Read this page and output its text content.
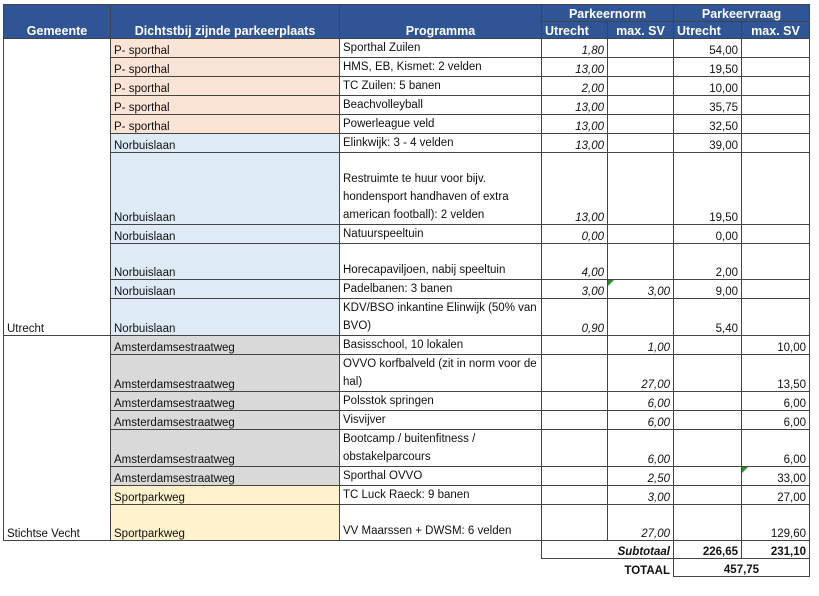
Gemeente	Dichtstbij zijnde parkeerplaats	Programma	Parkeernorm		Parkeervraag	
			Utrecht	max. SV	Utrecht	max. SV
Utrecht	P- sporthal	Sporthal Zuilen	1,80		54,00	
	P- sporthal	HMS, EB, Kismet: 2 velden	13,00		19,50	
	P- sporthal	TC Zuilen: 5 banen	2,00		10,00	
	P- sporthal	Beachvolleyball	13,00		35,75	
	P- sporthal	Powerleague veld	13,00		32,50	
	Norbuislaan	Elinkwijk: 3 - 4 velden	13,00		39,00	
	Norbuislaan	Restruimte te huur voor bijv. hondensport handhaven of extra american football): 2 velden	13,00		19,50	
	Norbuislaan	Natuurspeeltuin	0,00		0,00	
	Norbuislaan	Horecapaviljoen, nabij speeltuin	4,00		2,00	
	Norbuislaan	Padelbanen: 3 banen	3,00	3,00	9,00	
	Norbuislaan	KDV/BSO inkantine Elinwijk (50% van BVO)	0,90		5,40	
Stichtse Vecht	Amsterdamsestraatweg	Basisschool, 10 lokalen		1,00		10,00
	Amsterdamsestraatweg	OVVO korfbalveld (zit in norm voor de hal)		27,00		13,50
	Amsterdamsestraatweg	Polsstok springen		6,00		6,00
	Amsterdamsestraatweg	Visvijver		6,00		6,00
	Amsterdamsestraatweg	Bootcamp / buitenfitness / obstakelparcours		6,00		6,00
	Amsterdamsestraatweg	Sporthal OVVO		2,50		33,00
	Sportparkweg	TC Luck Raeck: 9 banen		3,00		27,00
	Sportparkweg	VV Maarssen + DWSM: 6 velden		27,00		129,60
			Subtotaal		226,65	231,10
			TOTAAL		457,75	
